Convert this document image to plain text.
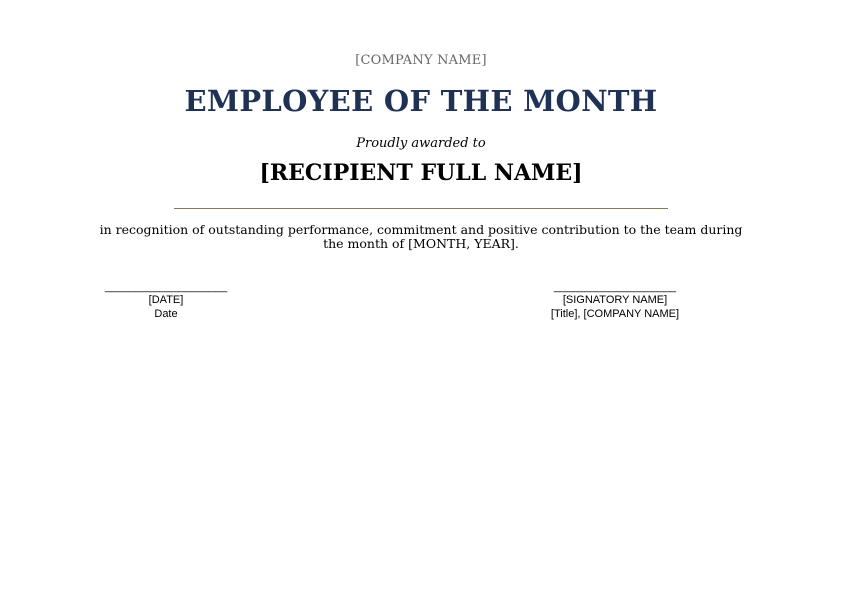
[COMPANY NAME]
EMPLOYEE OF THE MONTH
Proudly awarded to
[RECIPIENT FULL NAME]
in recognition of outstanding performance, commitment and positive contribution to the team during the month of [MONTH, YEAR].
____________________
[DATE]
Date
____________________
[SIGNATORY NAME]
[Title], [COMPANY NAME]
